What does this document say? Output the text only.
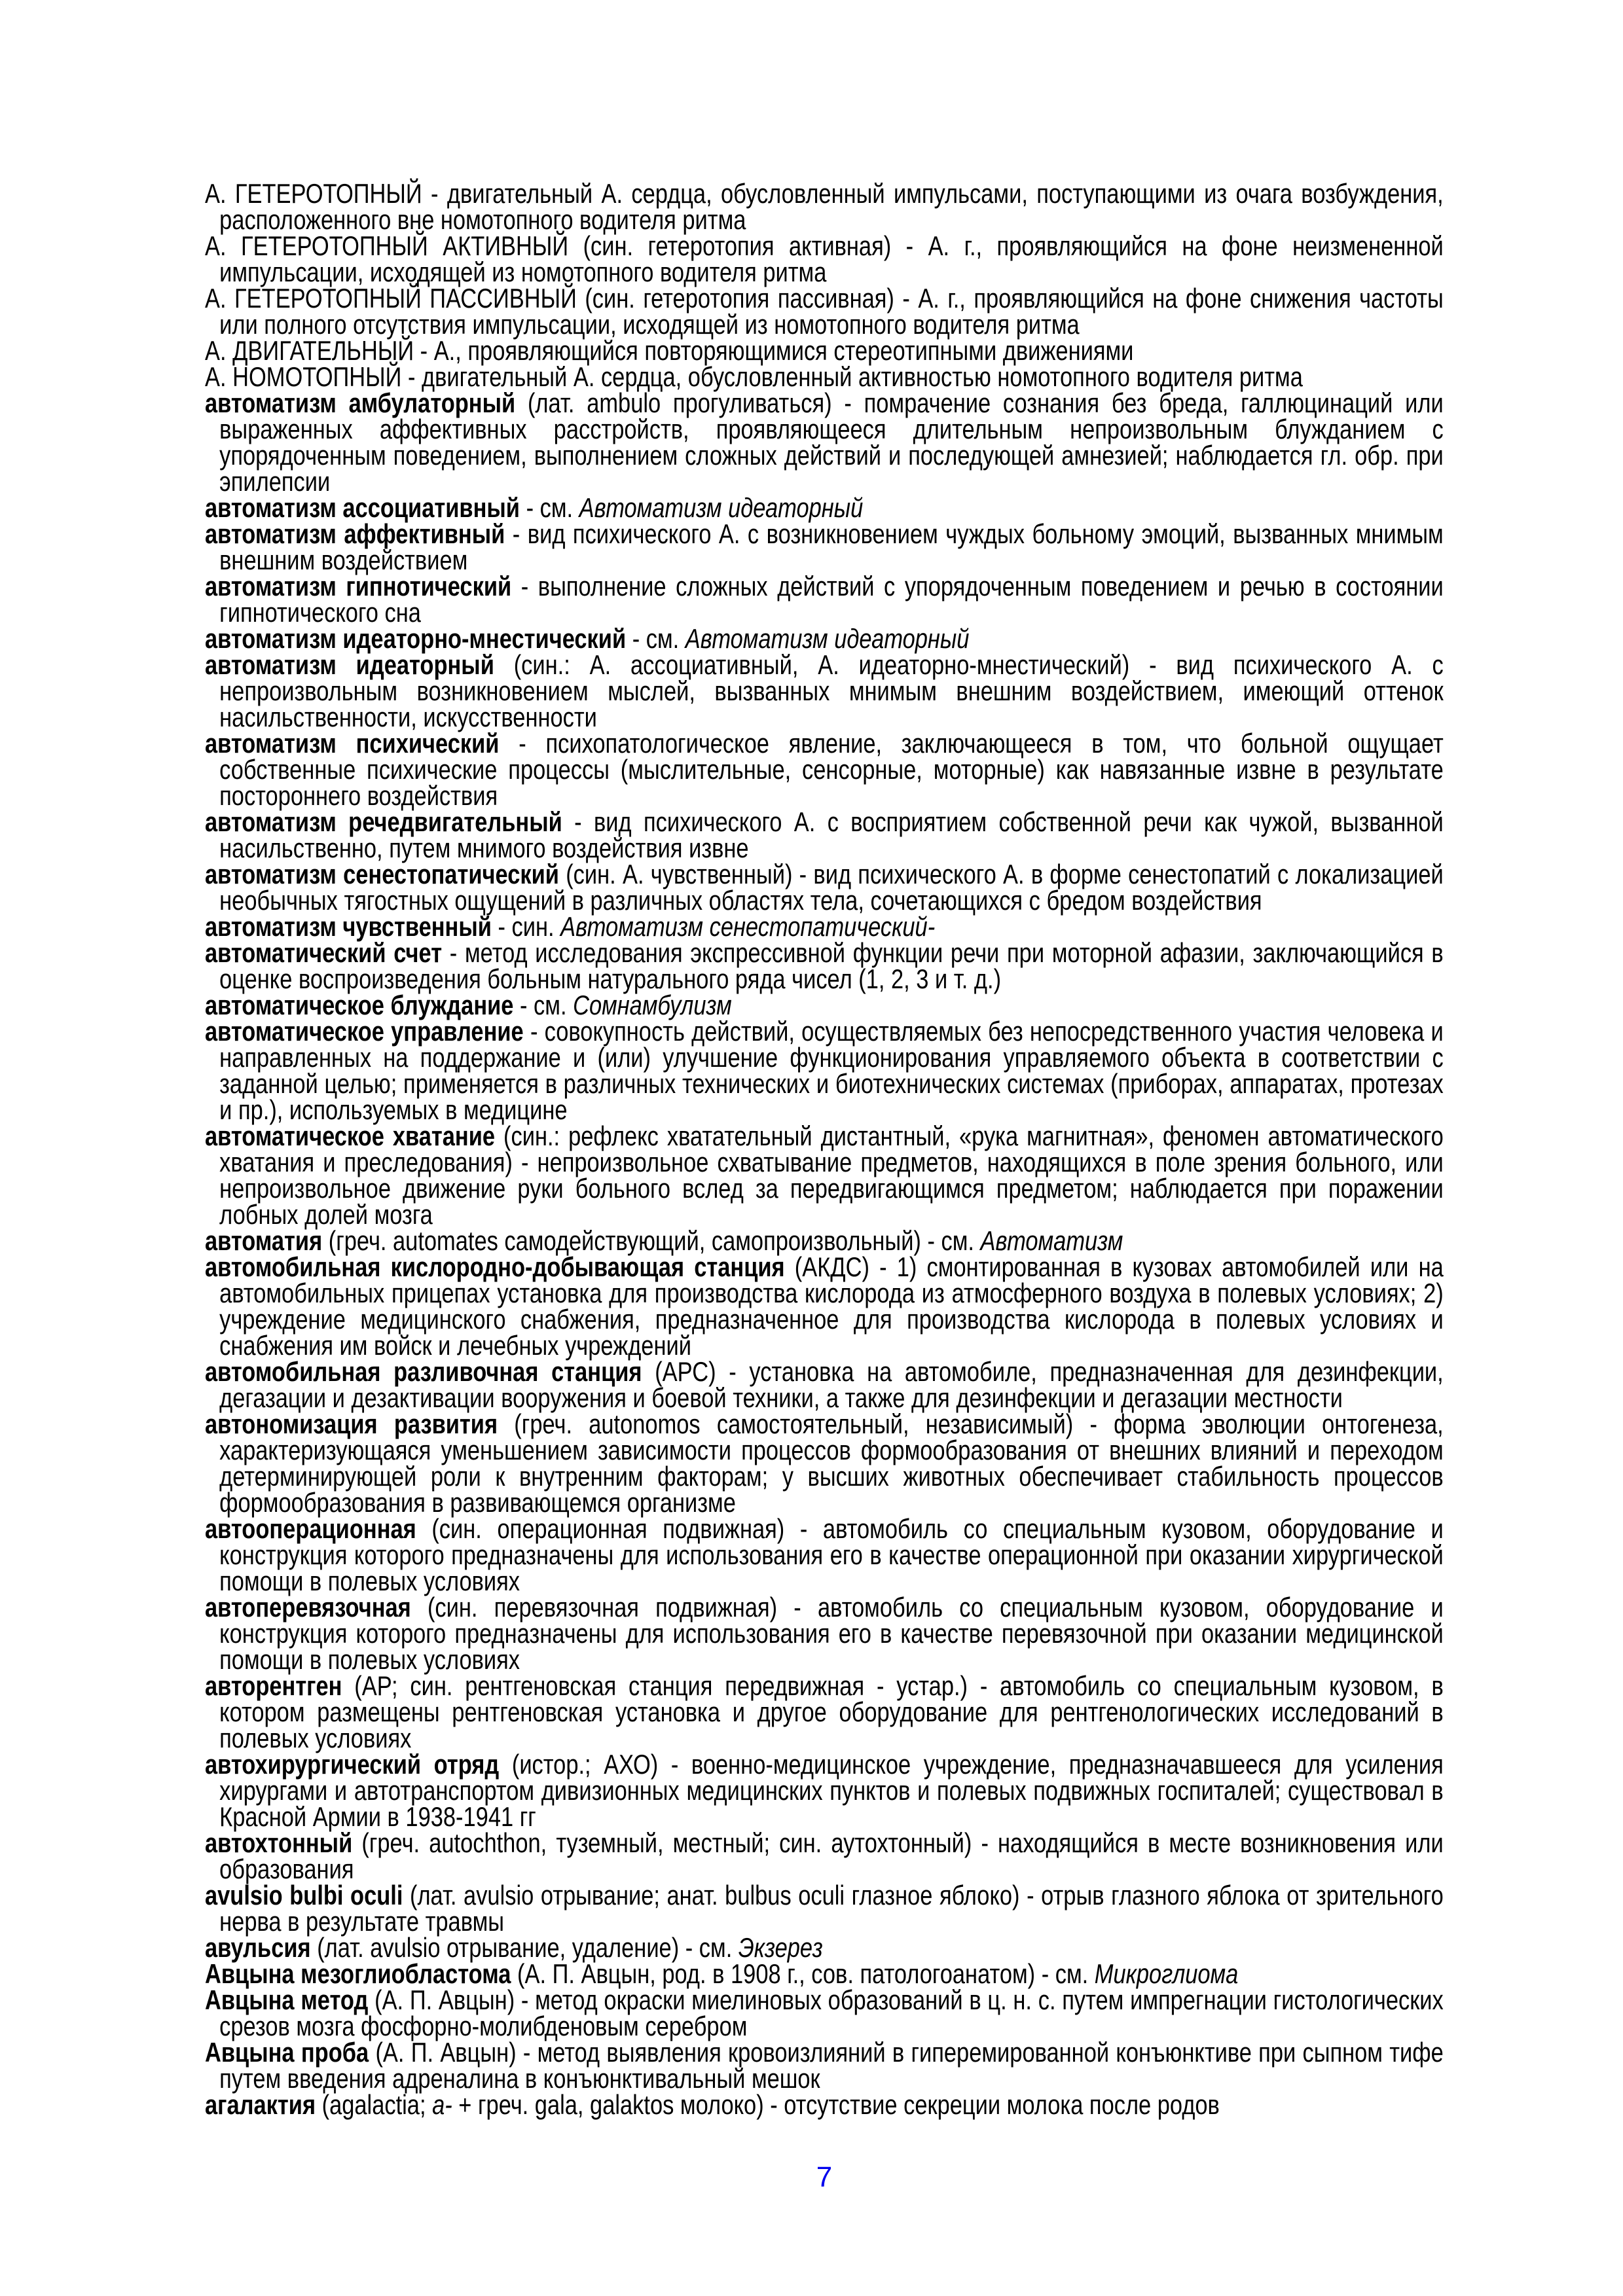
А. ГЕТЕРОТОПНЫЙ - двигательный А. сердца, обусловленный импульсами, поступающими из очага возбуждения, расположенного вне номотопного водителя ритма

А. ГЕТЕРОТОПНЫЙ АКТИВНЫЙ (син. гетеротопия активная) - А. г., проявляющийся на фоне неизмененной импульсации, исходящей из номотопного водителя ритма

А. ГЕТЕРОТОПНЫЙ ПАССИВНЫЙ (син. гетеротопия пассивная) - А. г., проявляющийся на фоне снижения частоты или полного отсутствия импульсации, исходящей из номотопного водителя ритма

А. ДВИГАТЕЛЬНЫЙ - А., проявляющийся повторяющимися стереотипными движениями

А. НОМОТОПНЫЙ - двигательный А. сердца, обусловленный активностью номотопного водителя ритма

автоматизм амбулаторный (лат. ambulo прогуливаться) - помрачение сознания без бреда, галлюцинаций или выраженных аффективных расстройств, проявляющееся длительным непроизвольным блужданием с упорядоченным поведением, выполнением сложных действий и последующей амнезией; наблюдается гл. обр. при эпилепсии

автоматизм ассоциативный - см. Автоматизм идеаторный

автоматизм аффективный - вид психического А. с возникновением чуждых больному эмоций, вызванных мнимым внешним воздействием

автоматизм гипнотический - выполнение сложных действий с упорядоченным поведением и речью в состоянии гипнотического сна

автоматизм идеаторно-мнестический - см. Автоматизм идеаторный

автоматизм идеаторный (син.: А. ассоциативный, А. идеаторно-мнестический) - вид психического А. с непроизвольным возникновением мыслей, вызванных мнимым внешним воздействием, имеющий оттенок насильственности, искусственности

автоматизм психический - психопатологическое явление, заключающееся в том, что больной ощущает собственные психические процессы (мыслительные, сенсорные, моторные) как навязанные извне в результате постороннего воздействия

автоматизм речедвигательный - вид психического А. с восприятием собственной речи как чужой, вызванной насильственно, путем мнимого воздействия извне

автоматизм сенестопатический (син. А. чувственный) - вид психического А. в форме сенестопатий с локализацией необычных тягостных ощущений в различных областях тела, сочетающихся с бредом воздействия

автоматизм чувственный - син. Автоматизм сенестопатический-

автоматический счет - метод исследования экспрессивной функции речи при моторной афазии, заключающийся в оценке воспроизведения больным натурального ряда чисел (1, 2, 3 и т. д.)

автоматическое блуждание - см. Сомнамбулизм

автоматическое управление - совокупность действий, осуществляемых без непосредственного участия человека и направленных на поддержание и (или) улучшение функционирования управляемого объекта в соответствии с заданной целью; применяется в различных технических и биотехнических системах (приборах, аппаратах, протезах и пр.), используемых в медицине

автоматическое хватание (син.: рефлекс хватательный дистантный, «рука магнитная», феномен автоматического хватания и преследования) - непроизвольное схватывание предметов, находящихся в поле зрения больного, или непроизвольное движение руки больного вслед за передвигающимся предметом; наблюдается при поражении лобных долей мозга

автоматия (греч. automates самодействующий, самопроизвольный) - см. Автоматизм

автомобильная кислородно-добывающая станция (АКДС) - 1) смонтированная в кузовах автомобилей или на автомобильных прицепах установка для производства кислорода из атмосферного воздуха в полевых условиях; 2) учреждение медицинского снабжения, предназначенное для производства кислорода в полевых условиях и снабжения им войск и лечебных учреждений

автомобильная разливочная станция (АРС) - установка на автомобиле, предназначенная для дезинфекции, дегазации и дезактивации вооружения и боевой техники, а также для дезинфекции и дегазации местности

автономизация развития (греч. autonomos самостоятельный, независимый) - форма эволюции онтогенеза, характеризующаяся уменьшением зависимости процессов формообразования от внешних влияний и переходом детерминирующей роли к внутренним факторам; у высших животных обеспечивает стабильность процессов формообразования в развивающемся организме

автооперационная (син. операционная подвижная) - автомобиль со специальным кузовом, оборудование и конструкция которого предназначены для использования его в качестве операционной при оказании хирургической помощи в полевых условиях

автоперевязочная (син. перевязочная подвижная) - автомобиль со специальным кузовом, оборудование и конструкция которого предназначены для использования его в качестве перевязочной при оказании медицинской помощи в полевых условиях

авторентген (АР; син. рентгеновская станция передвижная - устар.) - автомобиль со специальным кузовом, в котором размещены рентгеновская установка и другое оборудование для рентгенологических исследований в полевых условиях

автохирургический отряд (истор.; АХО) - военно-медицинское учреждение, предназначавшееся для усиления хирургами и автотранспортом дивизионных медицинских пунктов и полевых подвижных госпиталей; существовал в Красной Армии в 1938-1941 гг

автохтонный (греч. autochthon, туземный, местный; син. аутохтонный) - находящийся в месте возникновения или образования

avulsio bulbi oculi (лат. avulsio отрывание; анат. bulbus oculi глазное яблоко) - отрыв глазного яблока от зрительного нерва в результате травмы

авульсия (лат. avulsio отрывание, удаление) - см. Экзерез

Авцына мезоглиобластома (А. П. Авцын, род. в 1908 г., сов. патологоанатом) - см. Микроглиома

Авцына метод (А. П. Авцын) - метод окраски миелиновых образований в ц. н. с. путем импрегнации гистологических срезов мозга фосфорно-молибденовым серебром

Авцына проба (А. П. Авцын) - метод выявления кровоизлияний в гиперемированной конъюнктиве при сыпном тифе путем введения адреналина в конъюнктивальный мешок

агалактия (agalactia; a- + греч. gala, galaktos молоко) - отсутствие секреции молока после родов

7
